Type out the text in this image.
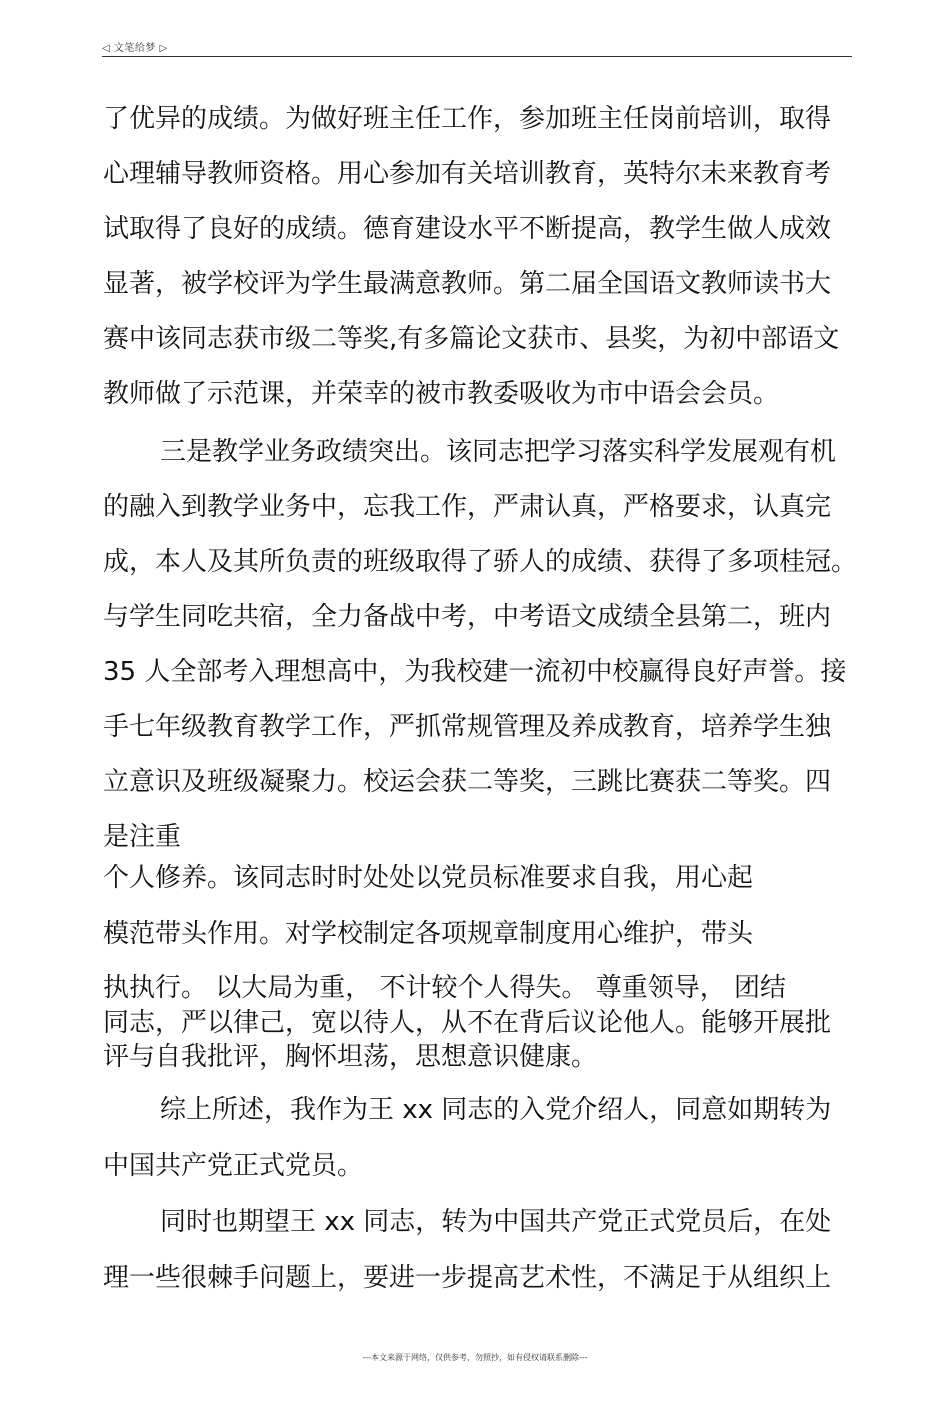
◁ 文笔给梦 ▷
了优异的成绩。为做好班主任工作，参加班主任岗前培训，取得
心理辅导教师资格。用心参加有关培训教育，英特尔未来教育考
试取得了良好的成绩。德育建设水平不断提高，教学生做人成效
显著，被学校评为学生最满意教师。第二届全国语文教师读书大
赛中该同志获市级二等奖,有多篇论文获市、县奖，为初中部语文
教师做了示范课，并荣幸的被市教委吸收为市中语会会员。
三是教学业务政绩突出。该同志把学习落实科学发展观有机
的融入到教学业务中，忘我工作，严肃认真，严格要求，认真完
成，本人及其所负责的班级取得了骄人的成绩、获得了多项桂冠。
与学生同吃共宿，全力备战中考，中考语文成绩全县第二，班内
35 人全部考入理想高中，为我校建一流初中校赢得良好声誉。接
手七年级教育教学工作，严抓常规管理及养成教育，培养学生独
立意识及班级凝聚力。校运会获二等奖，三跳比赛获二等奖。四
是注重
个人修养。该同志时时处处以党员标准要求自我，用心起
模范带头作用。对学校制定各项规章制度用心维护，带头
执执行。 以大局为重， 不计较个人得失。 尊重领导， 团结
同志，严以律己，宽以待人，从不在背后议论他人。能够开展批
评与自我批评，胸怀坦荡，思想意识健康。
综上所述，我作为王 xx 同志的入党介绍人，同意如期转为
中国共产党正式党员。
同时也期望王 xx 同志，转为中国共产党正式党员后，在处
理一些很棘手问题上，要进一步提高艺术性，不满足于从组织上
---本文来源于网络，仅供参考，勿照抄，如有侵权请联系删除---
